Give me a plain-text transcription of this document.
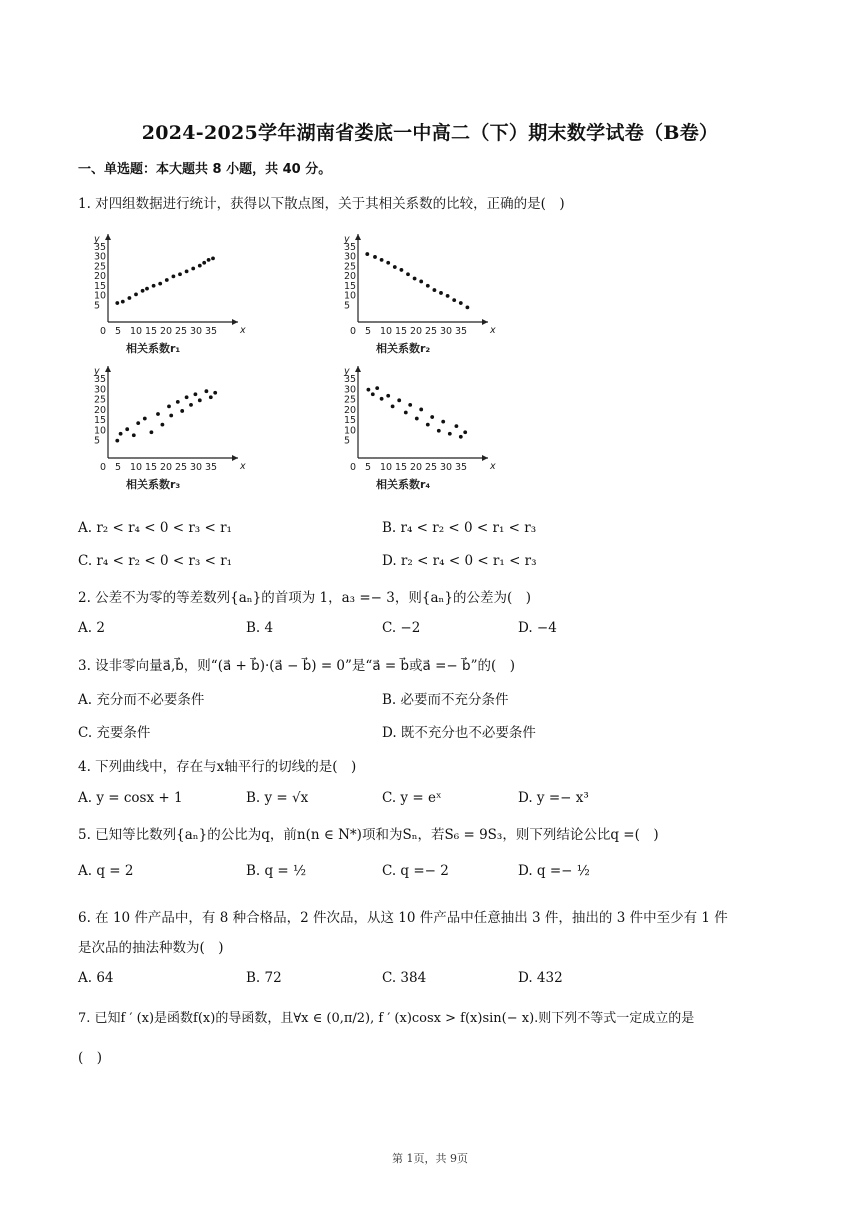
2024-2025学年湖南省娄底一中高二（下）期末数学试卷（B卷）
一、单选题：本大题共 8 小题，共 40 分。
1. 对四组数据进行统计，获得以下散点图，关于其相关系数的比较，正确的是(　)
y
x
35
30
25
20
15
10
5
0 5 10 15 20 25 30 35
相关系数r₁
y
x
35
30
25
20
15
10
5
0 5 10 15 20 25 30 35
相关系数r₂
y
x
35
30
25
20
15
10
5
0 5 10 15 20 25 30 35
相关系数r₃
y
x
35
30
25
20
15
10
5
0 5 10 15 20 25 30 35
相关系数r₄
A. r₂ < r₄ < 0 < r₃ < r₁	B. r₄ < r₂ < 0 < r₁ < r₃
C. r₄ < r₂ < 0 < r₃ < r₁	D. r₂ < r₄ < 0 < r₁ < r₃
2. 公差不为零的等差数列{aₙ}的首项为 1，a₃ =− 3，则{aₙ}的公差为(　)
A. 2	B. 4	C. −2	D. −4
3. 设非零向量a⃗,b⃗，则“(a⃗ + b⃗)·(a⃗ − b⃗) = 0”是“a⃗ = b⃗或a⃗ =− b⃗”的(　)
A. 充分而不必要条件	B. 必要而不充分条件
C. 充要条件	D. 既不充分也不必要条件
4. 下列曲线中，存在与x轴平行的切线的是(　)
A. y = cosx + 1	B. y = √x	C. y = eˣ	D. y =− x³
5. 已知等比数列{aₙ}的公比为q，前n(n ∈ N*)项和为Sₙ，若S₆ = 9S₃，则下列结论公比q =(　)
A. q = 2	B. q = ½	C. q =− 2	D. q =− ½
6. 在 10 件产品中，有 8 种合格品，2 件次品，从这 10 件产品中任意抽出 3 件，抽出的 3 件中至少有 1 件
是次品的抽法种数为(　)
A. 64	B. 72	C. 384	D. 432
7. 已知f ′ (x)是函数f(x)的导函数，且∀x ∈ (0,π/2), f ′ (x)cosx > f(x)sin(− x).则下列不等式一定成立的是
(　)
第 1页，共 9页
